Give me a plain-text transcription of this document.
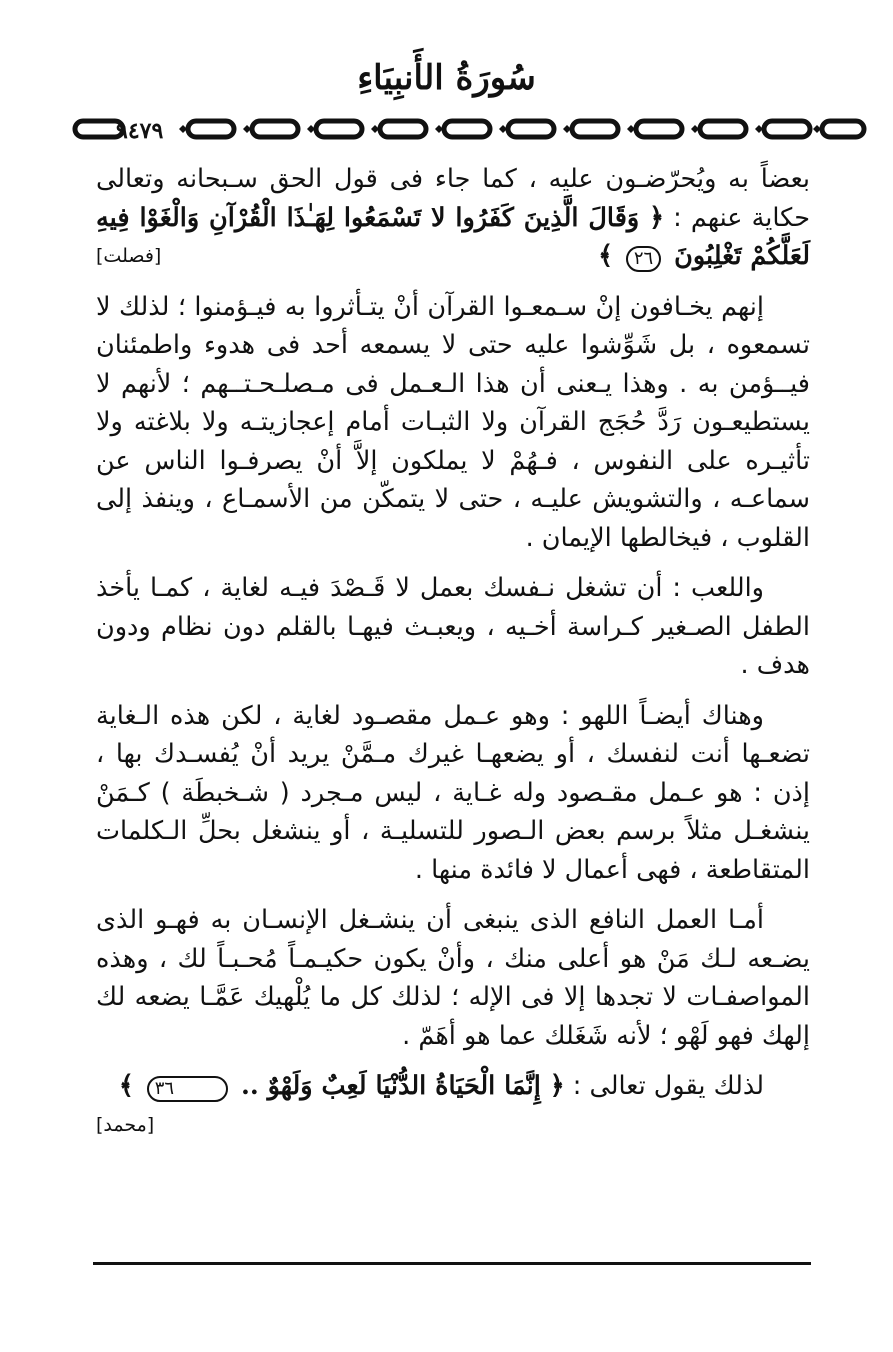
سُورَةُ الأَنبِيَاءِ
٩٤٧٩

بعضاً به ويُحرّضـون عليه ، كما جاء فى قول الحق سـبحانه وتعالى حكاية عنهم : ﴿ وَقَالَ الَّذِينَ كَفَرُوا لا تَسْمَعُوا لِهَـٰذَا الْقُرْآنِ وَالْغَوْا فِيهِ لَعَلَّكُمْ تَغْلِبُونَ ٢٦ ﴾
[فصلت]

إنهم يخـافون إنْ سـمعـوا القرآن أنْ يتـأثروا به فيـؤمنوا ؛ لذلك لا تسمعوه ، بل شَوِّشوا عليه حتى لا يسمعه أحد فى هدوء واطمئنان فيــؤمن به . وهذا يـعنى أن هذا الـعـمل فى مـصلـحـتــهم ؛ لأنهم لا يستطيعـون رَدَّ حُجَج القرآن ولا الثبـات أمام إعجازيتـه ولا بلاغته ولا تأثيـره على النفوس ، فـهُمْ لا يملكون إلاَّ أنْ يصرفـوا الناس عن سماعـه ، والتشويش عليـه ، حتى لا يتمكّن من الأسمـاع ، وينفذ إلى القلوب ، فيخالطها الإيمان .

واللعب : أن تشغل نـفسك بعمل لا قَـصْدَ فيـه لغاية ، كمـا يأخذ الطفل الصـغير كـراسة أخـيه ، ويعبـث فيهـا بالقلم دون نظام ودون هدف .

وهناك أيضـاً اللهو : وهو عـمل مقصـود لغاية ، لكن هذه الـغاية تضعـها أنت لنفسك ، أو يضعهـا غيرك مـمَّنْ يريد أنْ يُفسـدك بها ، إذن : هو عـمل مقـصود وله غـاية ، ليس مـجرد ( شـخبطَة ) كـمَنْ ينشغـل مثلاً برسم بعض الـصور للتسليـة ، أو ينشغل بحلِّ الـكلمات المتقاطعة ، فهى أعمال لا فائدة منها .

أمـا العمل النافع الذى ينبغى أن ينشـغل الإنسـان به فهـو الذى يضـعه لـك مَنْ هو أعلى منك ، وأنْ يكون حكيـمـاً مُحـبـاً لك ، وهذه المواصفـات لا تجدها إلا فى الإله ؛ لذلك كل ما يُلْهيك عَمَّـا يضعه لك إلهك فهو لَهْو ؛ لأنه شَغَلك عما هو أهَمّ .

لذلك يقول تعالى : ﴿ إِنَّمَا الْحَيَاةُ الدُّنْيَا لَعِبٌ وَلَهْوٌ .. ٣٦ ﴾
[محمد]
